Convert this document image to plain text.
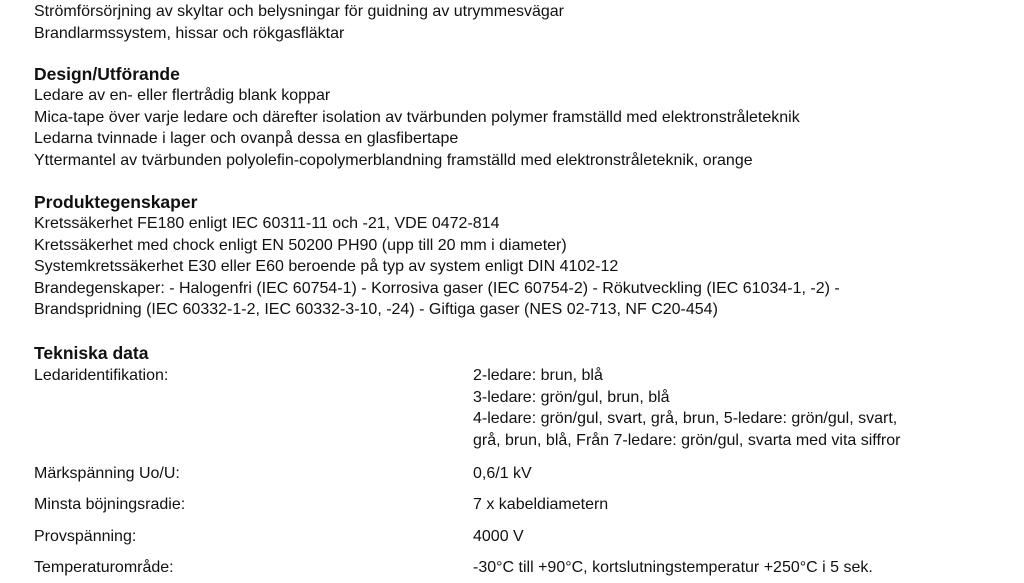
Strömförsörjning av skyltar och belysningar för guidning av utrymmesvägar
Brandlarmssystem, hissar och rökgasfläktar
Design/Utförande
Ledare av en- eller flertrådig blank koppar
Mica-tape över varje ledare och därefter isolation av tvärbunden polymer framställd med elektronstråleteknik
Ledarna tvinnade i lager och ovanpå dessa en glasfibertape
Yttermantel av tvärbunden polyolefin-copolymerblandning framställd med elektronstråleteknik, orange
Produktegenskaper
Kretssäkerhet FE180 enligt IEC 60311-11 och -21, VDE 0472-814
Kretssäkerhet med chock enligt EN 50200 PH90 (upp till 20 mm i diameter)
Systemkretssäkerhet E30 eller E60 beroende på typ av system enligt DIN 4102-12
Brandegenskaper: - Halogenfri (IEC 60754-1) - Korrosiva gaser (IEC 60754-2) - Rökutveckling (IEC 61034-1, -2) -
Brandspridning (IEC 60332-1-2, IEC 60332-3-10, -24) - Giftiga gaser (NES 02-713, NF C20-454)
Tekniska data
Ledaridentifikation:	2-ledare: brun, blå
3-ledare: grön/gul, brun, blå
4-ledare: grön/gul, svart, grå, brun, 5-ledare: grön/gul, svart,
grå, brun, blå, Från 7-ledare: grön/gul, svarta med vita siffror
Märkspänning Uo/U:	0,6/1 kV
Minsta böjningsradie:	7 x kabeldiametern
Provspänning:	4000 V
Temperaturområde:	-30°C till +90°C, kortslutningstemperatur +250°C i 5 sek.
